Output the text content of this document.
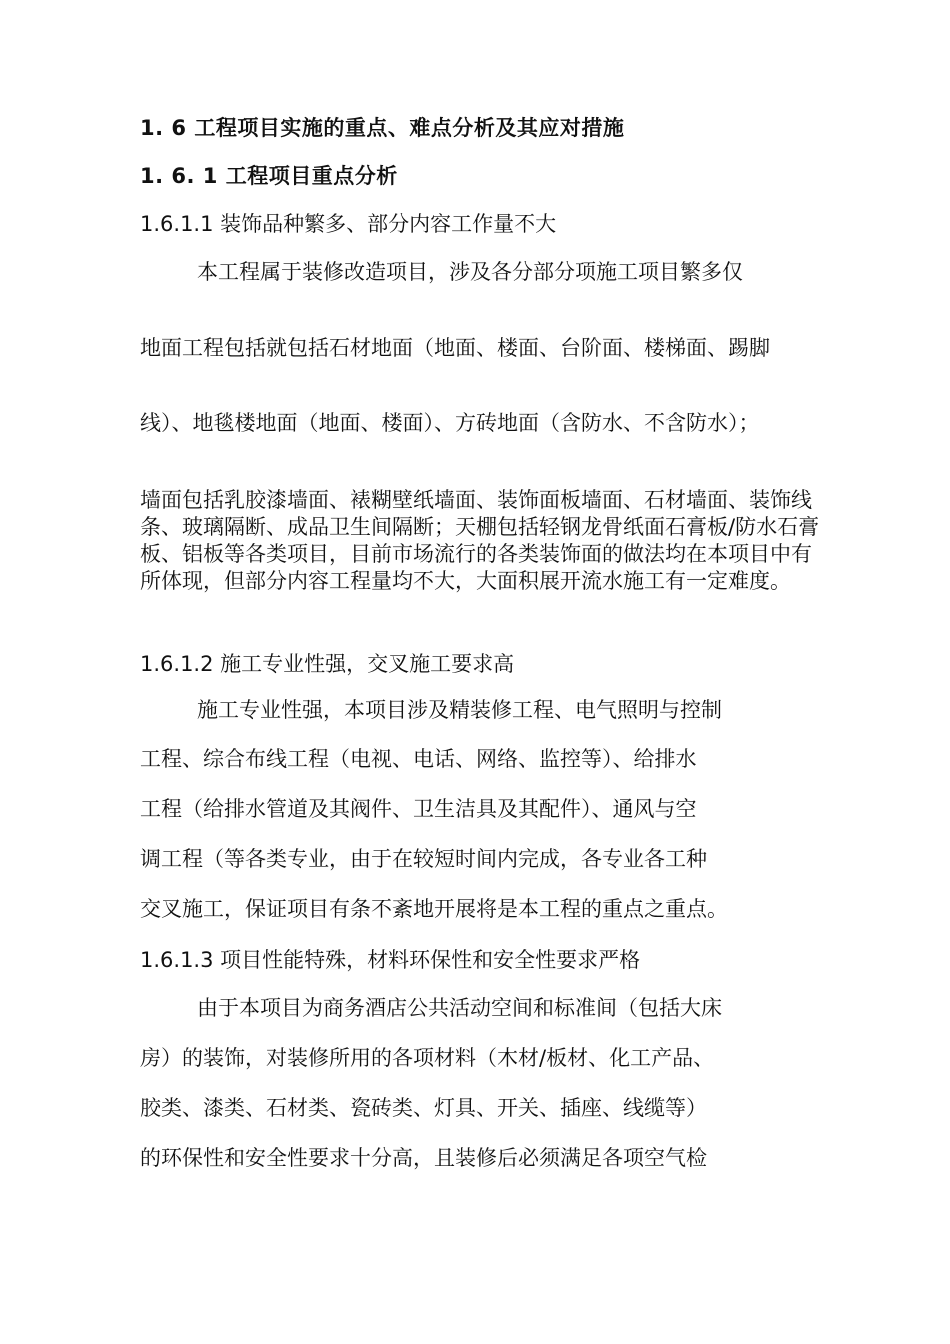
1. 6 工程项目实施的重点、难点分析及其应对措施
1. 6. 1 工程项目重点分析
1.6.1.1 装饰品种繁多、部分内容工作量不大
本工程属于装修改造项目，涉及各分部分项施工项目繁多仅
地面工程包括就包括石材地面（地面、楼面、台阶面、楼梯面、踢脚
线）、地毯楼地面（地面、楼面）、方砖地面（含防水、不含防水）；
墙面包括乳胶漆墙面、裱糊壁纸墙面、装饰面板墙面、石材墙面、装饰线条、玻璃隔断、成品卫生间隔断；天棚包括轻钢龙骨纸面石膏板/防水石膏板、铝板等各类项目，目前市场流行的各类装饰面的做法均在本项目中有所体现，但部分内容工程量均不大，大面积展开流水施工有一定难度。
1.6.1.2 施工专业性强，交叉施工要求高
施工专业性强，本项目涉及精装修工程、电气照明与控制
工程、综合布线工程（电视、电话、网络、监控等）、给排水
工程（给排水管道及其阀件、卫生洁具及其配件）、通风与空
调工程（等各类专业，由于在较短时间内完成，各专业各工种
交叉施工，保证项目有条不紊地开展将是本工程的重点之重点。
1.6.1.3 项目性能特殊，材料环保性和安全性要求严格
由于本项目为商务酒店公共活动空间和标准间（包括大床
房）的装饰，对装修所用的各项材料（木材/板材、化工产品、
胶类、漆类、石材类、瓷砖类、灯具、开关、插座、线缆等）
的环保性和安全性要求十分高，且装修后必须满足各项空气检
